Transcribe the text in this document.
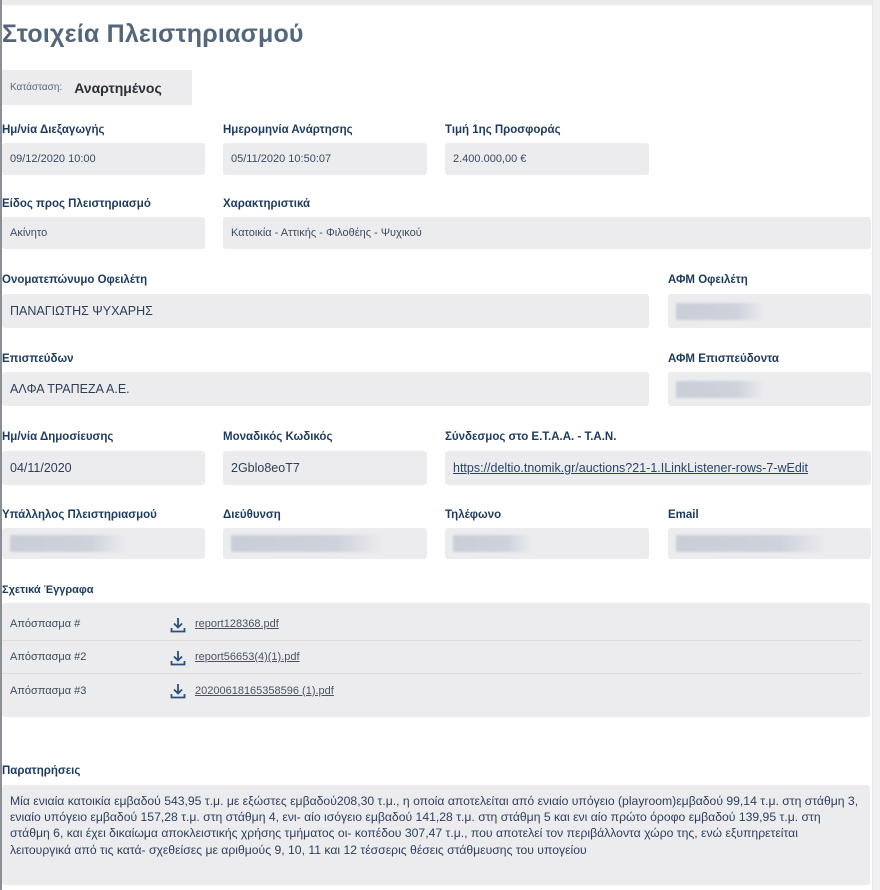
Στοιχεία Πλειστηριασμού
Κατάσταση: Αναρτημένος
Ημ/νία Διεξαγωγής
09/12/2020 10:00
Ημερομηνία Ανάρτησης
05/11/2020 10:50:07
Τιμή 1ης Προσφοράς
2.400.000,00 €
Είδος προς Πλειστηριασμό
Ακίνητο
Χαρακτηριστικά
Κατοικία - Αττικής - Φιλοθέης - Ψυχικού
Ονοματεπώνυμο Οφειλέτη
ΠΑΝΑΓΙΩΤΗΣ ΨΥΧΑΡΗΣ
ΑΦΜ Οφειλέτη
Επισπεύδων
ΑΛΦΑ ΤΡΑΠΕΖΑ Α.Ε.
ΑΦΜ Επισπεύδοντα
Ημ/νία Δημοσίευσης
04/11/2020
Μοναδικός Κωδικός
2Gblo8eoT7
Σύνδεσμος στο Ε.Τ.Α.Α. - Τ.Α.Ν.
https://deltio.tnomik.gr/auctions?21-1.ILinkListener-rows-7-wEdit
Υπάλληλος Πλειστηριασμού	Διεύθυνση	Τηλέφωνο	Email
Σχετικά Έγγραφα
Απόσπασμα #	report128368.pdf
Απόσπασμα #2	report56653(4)(1).pdf
Απόσπασμα #3	20200618165358596 (1).pdf
Παρατηρήσεις
Μία ενιαία κατοικία εμβαδού 543,95 τ.μ. με εξώστες εμβαδού208,30 τ.μ., η οποία αποτελείται από ενιαίο υπόγειο (playroom)εμβαδού 99,14 τ.μ. στη στάθμη 3, ενιαίο υπόγειο εμβαδού 157,28 τ.μ. στη στάθμη 4, ενι- αίο ισόγειο εμβαδού 141,28 τ.μ. στη στάθμη 5 και ενι αίο πρώτο όροφο εμβαδού 139,95 τ.μ. στη στάθμη 6, και έχει δικαίωμα αποκλειστικής χρήσης τμήματος οι- κοπέδου 307,47 τ.μ., που αποτελεί τον περιβάλλοντα χώρο της, ενώ εξυπηρετείται λειτουργικά από τις κατά- σχεθείσες με αριθμούς 9, 10, 11 και 12 τέσσερις θέσεις στάθμευσης του υπογείου
